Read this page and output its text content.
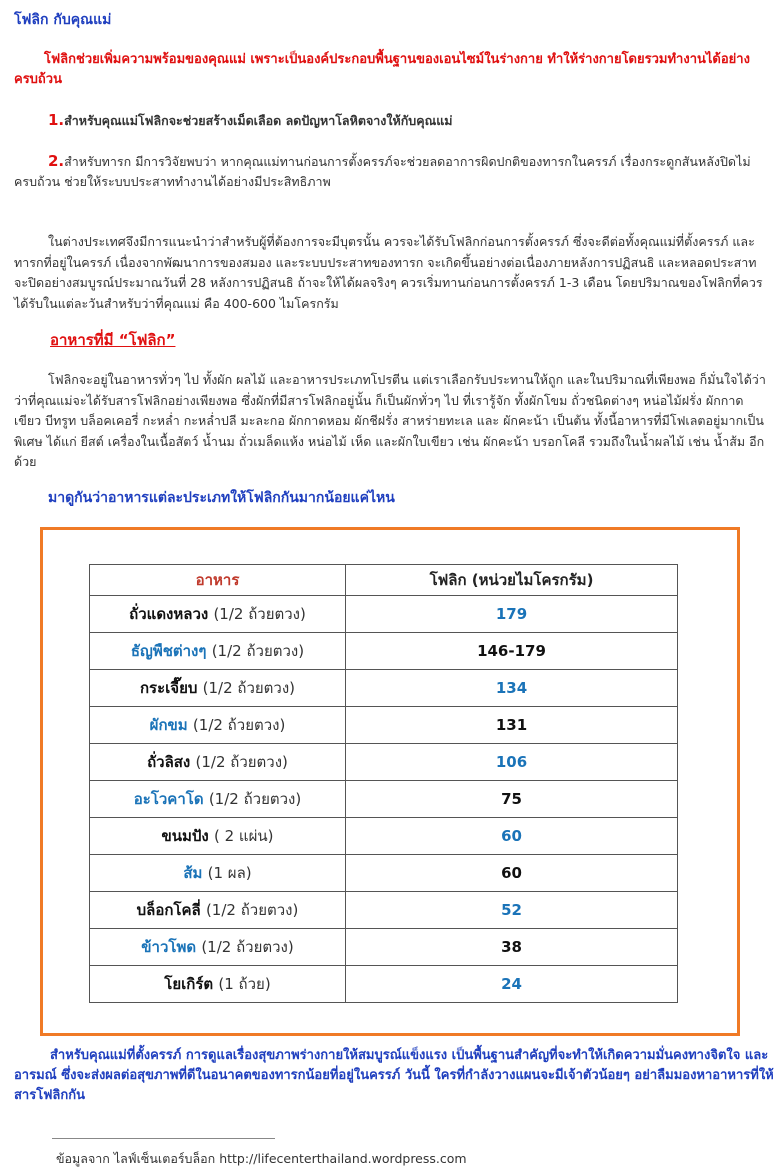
โฟลิก กับคุณแม่
โฟลิกช่วยเพิ่มความพร้อมของคุณแม่ เพราะเป็นองค์ประกอบพื้นฐานของเอนไซม์ในร่างกาย ทำให้ร่างกายโดยรวมทำงานได้อย่างครบถ้วน
1.สำหรับคุณแม่โฟลิกจะช่วยสร้างเม็ดเลือด ลดปัญหาโลหิตจางให้กับคุณแม่
2.สำหรับทารก มีการวิจัยพบว่า หากคุณแม่ทานก่อนการตั้งครรภ์จะช่วยลดอาการผิดปกติของทารกในครรภ์ เรื่องกระดูกสันหลังปิดไม่ครบถ้วน ช่วยให้ระบบประสาททำงานได้อย่างมีประสิทธิภาพ
ในต่างประเทศจึงมีการแนะนำว่าสำหรับผู้ที่ต้องการจะมีบุตรนั้น ควรจะได้รับโฟลิกก่อนการตั้งครรภ์ ซึ่งจะดีต่อทั้งคุณแม่ที่ตั้งครรภ์ และทารกที่อยู่ในครรภ์ เนื่องจากพัฒนาการของสมอง และระบบประสาทของทารก จะเกิดขึ้นอย่างต่อเนื่องภายหลังการปฏิสนธิ และหลอดประสาทจะปิดอย่างสมบูรณ์ประมาณวันที่ 28 หลังการปฏิสนธิ ถ้าจะให้ได้ผลจริงๆ ควรเริ่มทานก่อนการตั้งครรภ์ 1-3 เดือน โดยปริมาณของโฟลิกที่ควรได้รับในแต่ละวันสำหรับว่าที่คุณแม่ คือ 400-600 ไมโครกรัม
อาหารที่มี “โฟลิก”
โฟลิกจะอยู่ในอาหารทั่วๆ ไป ทั้งผัก ผลไม้ และอาหารประเภทโปรตีน แต่เราเลือกรับประทานให้ถูก และในปริมาณที่เพียงพอ ก็มั่นใจได้ว่า ว่าที่คุณแม่จะได้รับสารโฟลิกอย่างเพียงพอ ซึ่งผักที่มีสารโฟลิกอยู่นั้น ก็เป็นผักทั่วๆ ไป ที่เรารู้จัก ทั้งผักโขม ถั่วชนิดต่างๆ หน่อไม้ฝรั่ง ผักกาดเขียว บีทรูท บล็อคเคอรี่ กะหล่ำ กะหล่ำปลี มะละกอ ผักกาดหอม ผักชีฝรั่ง สาหร่ายทะเล และ ผักคะน้า เป็นต้น ทั้งนี้อาหารที่มีโฟเลตอยู่มากเป็นพิเศษ ได้แก่ ยีสต์ เครื่องในเนื้อสัตว์ น้ำนม ถั่วเมล็ดแห้ง หน่อไม้ เห็ด และผักใบเขียว เช่น ผักคะน้า บรอกโคลี รวมถึงในน้ำผลไม้ เช่น น้ำส้ม อีกด้วย
มาดูกันว่าอาหารแต่ละประเภทให้โฟลิกกันมากน้อยแค่ไหน
อาหาร	โฟลิก (หน่วยไมโครกรัม)
ถั่วแดงหลวง (1/2 ถ้วยตวง)	179
ธัญพืชต่างๆ (1/2 ถ้วยตวง)	146-179
กระเจี๊ยบ (1/2 ถ้วยตวง)	134
ผักขม (1/2 ถ้วยตวง)	131
ถั่วลิสง (1/2 ถ้วยตวง)	106
อะโวคาโด (1/2 ถ้วยตวง)	75
ขนมปัง ( 2 แผ่น)	60
ส้ม (1 ผล)	60
บล็อกโคลี่ (1/2 ถ้วยตวง)	52
ข้าวโพด (1/2 ถ้วยตวง)	38
โยเกิร์ต (1 ถ้วย)	24
สำหรับคุณแม่ที่ตั้งครรภ์ การดูแลเรื่องสุขภาพร่างกายให้สมบูรณ์แข็งแรง เป็นพื้นฐานสำคัญที่จะทำให้เกิดความมั่นคงทางจิตใจ และอารมณ์ ซึ่งจะส่งผลต่อสุขภาพที่ดีในอนาคตของทารกน้อยที่อยู่ในครรภ์ วันนี้ ใครที่กำลังวางแผนจะมีเจ้าตัวน้อยๆ อย่าลืมมองหาอาหารที่ให้สารโฟลิกกัน
ข้อมูลจาก ไลฟ์เซ็นเตอร์บล็อก http://lifecenterthailand.wordpress.com
